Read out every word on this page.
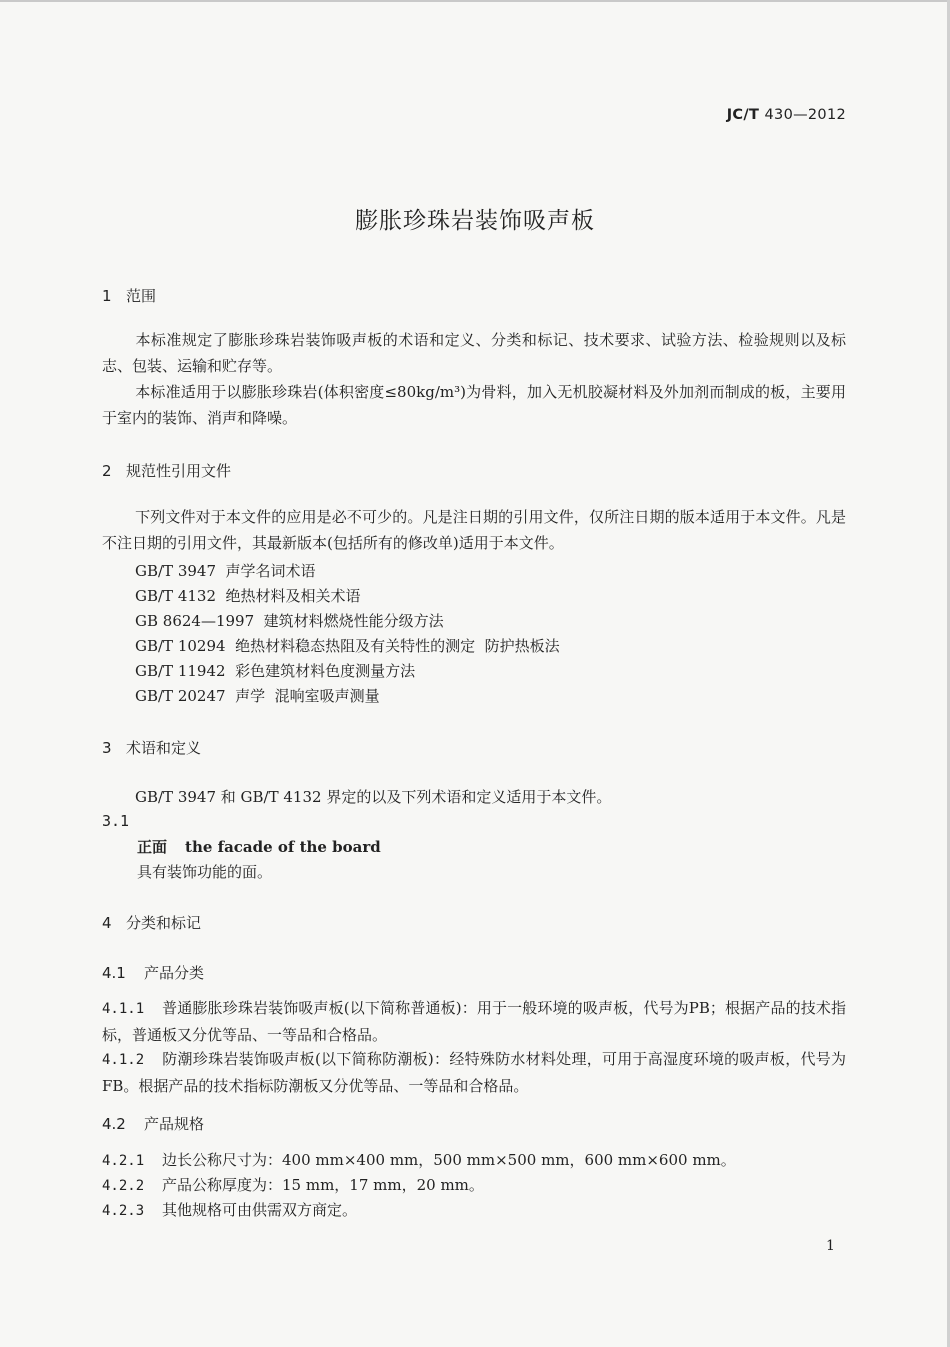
JC/T 430—2012
膨胀珍珠岩装饰吸声板
1 范围
本标准规定了膨胀珍珠岩装饰吸声板的术语和定义、分类和标记、技术要求、试验方法、检验规则以及标志、包装、运输和贮存等。
本标准适用于以膨胀珍珠岩(体积密度≤80kg/m³)为骨料，加入无机胶凝材料及外加剂而制成的板，主要用于室内的装饰、消声和降噪。
2 规范性引用文件
下列文件对于本文件的应用是必不可少的。凡是注日期的引用文件，仅所注日期的版本适用于本文件。凡是不注日期的引用文件，其最新版本(包括所有的修改单)适用于本文件。
GB/T 3947  声学名词术语
GB/T 4132  绝热材料及相关术语
GB 8624—1997  建筑材料燃烧性能分级方法
GB/T 10294  绝热材料稳态热阻及有关特性的测定  防护热板法
GB/T 11942  彩色建筑材料色度测量方法
GB/T 20247  声学  混响室吸声测量
3 术语和定义
GB/T 3947 和 GB/T 4132 界定的以及下列术语和定义适用于本文件。
3.1
正面 the facade of the board
具有装饰功能的面。
4 分类和标记
4.1 产品分类
4.1.1 普通膨胀珍珠岩装饰吸声板(以下简称普通板)：用于一般环境的吸声板，代号为PB；根据产品的技术指标，普通板又分优等品、一等品和合格品。
4.1.2 防潮珍珠岩装饰吸声板(以下简称防潮板)：经特殊防水材料处理，可用于高湿度环境的吸声板，代号为FB。根据产品的技术指标防潮板又分优等品、一等品和合格品。
4.2 产品规格
4.2.1 边长公称尺寸为：400 mm×400 mm，500 mm×500 mm，600 mm×600 mm。
4.2.2 产品公称厚度为：15 mm，17 mm，20 mm。
4.2.3 其他规格可由供需双方商定。
1
